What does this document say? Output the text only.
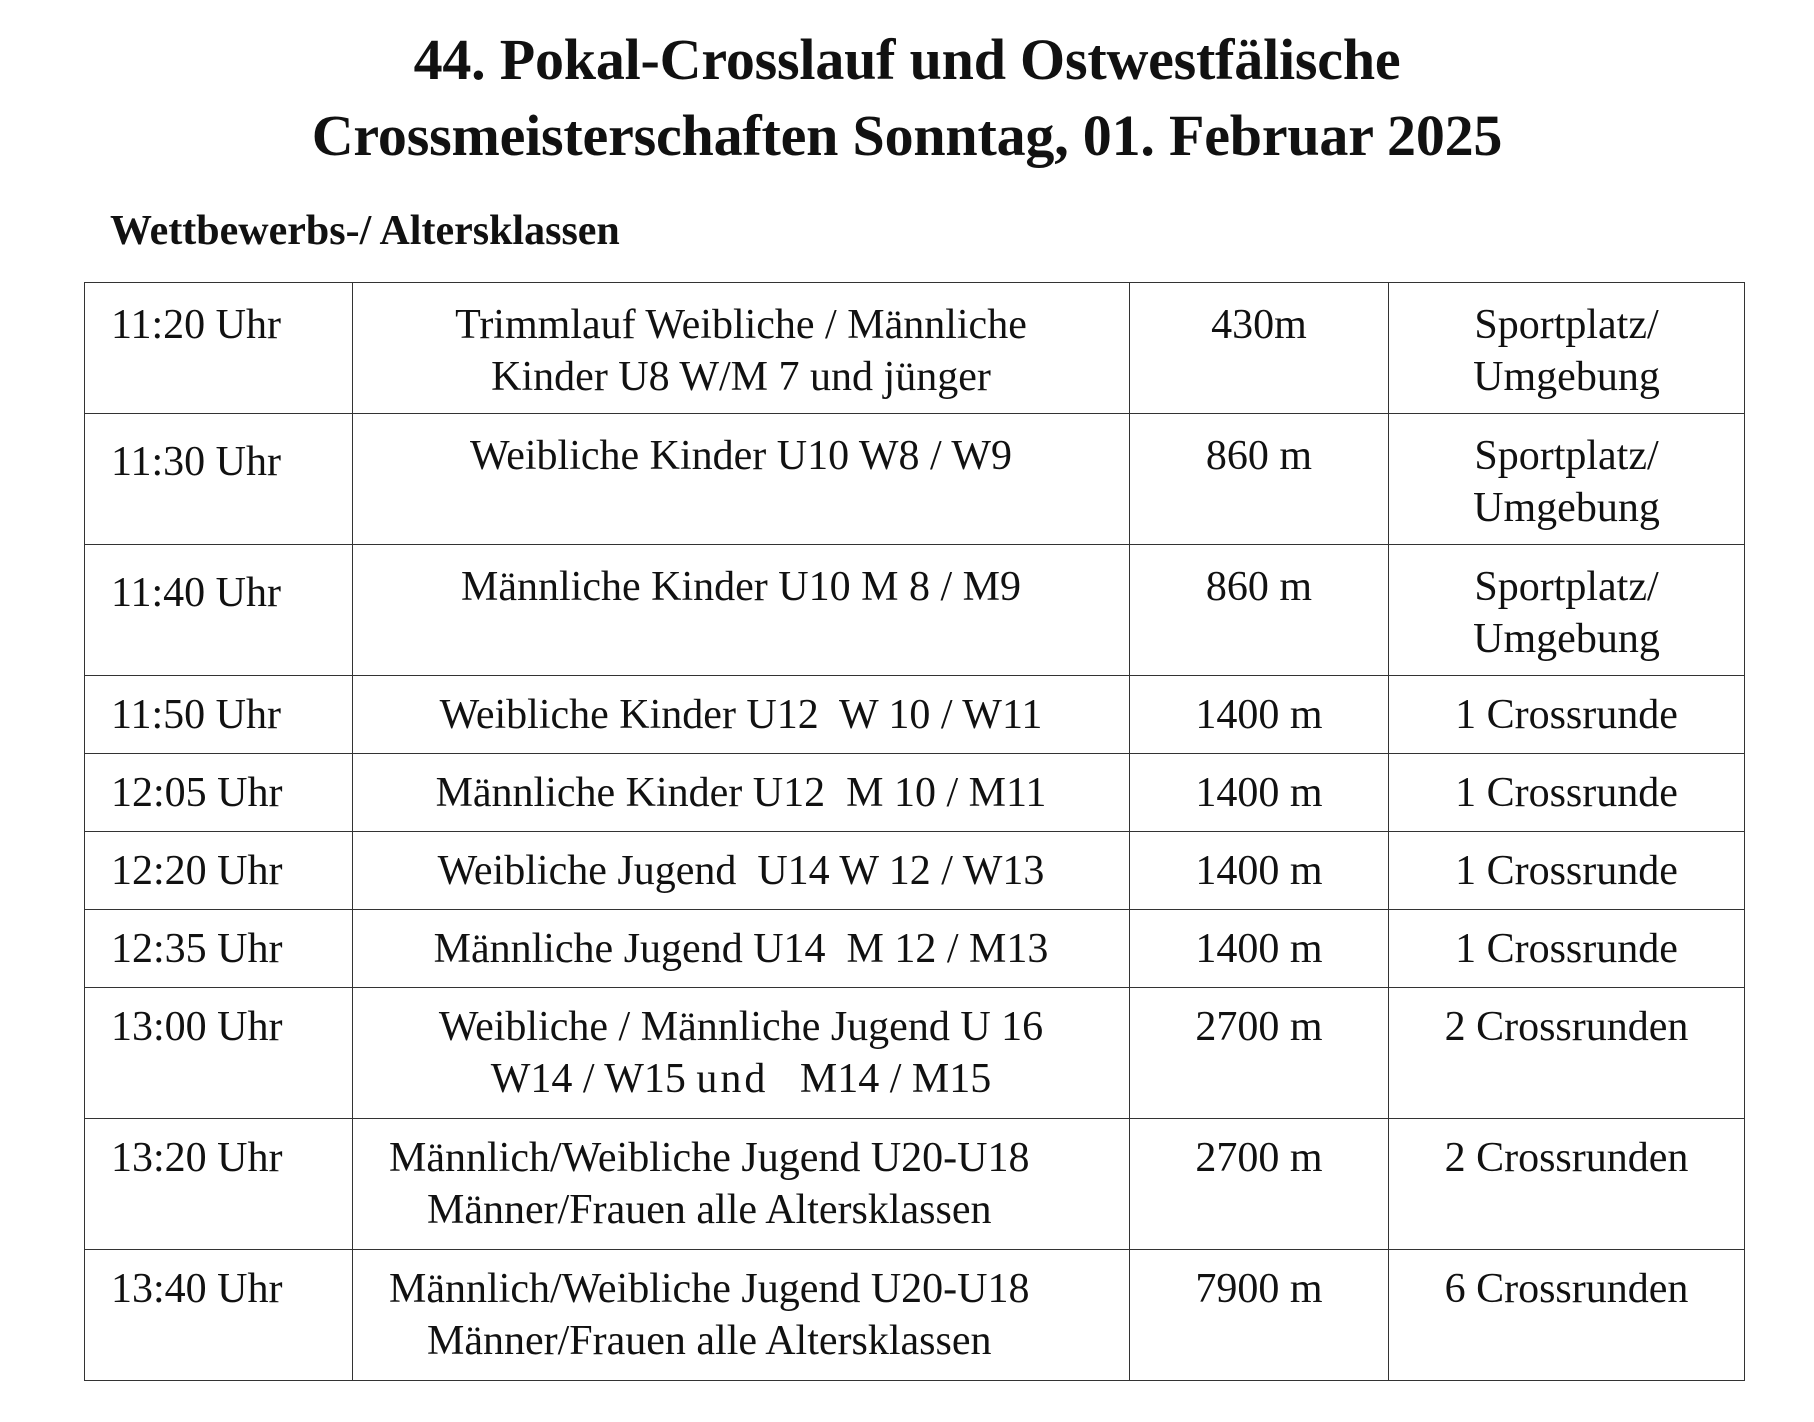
44. Pokal-Crosslauf und Ostwestfälische
Crossmeisterschaften Sonntag, 01. Februar 2025
Wettbewerbs-/ Altersklassen
11:20 Uhr	Trimmlauf Weibliche / Männliche
Kinder U8 W/M 7 und jünger	430m	Sportplatz/
Umgebung

11:30 Uhr	Weibliche Kinder U10 W8 / W9	860 m	Sportplatz/
Umgebung

11:40 Uhr	Männliche Kinder U10 M 8 / M9	860 m	Sportplatz/
Umgebung

11:50 Uhr	Weibliche Kinder U12  W 10 / W11	1400 m	1 Crossrunde

12:05 Uhr	Männliche Kinder U12  M 10 / M11	1400 m	1 Crossrunde

12:20 Uhr	Weibliche Jugend  U14 W 12 / W13	1400 m	1 Crossrunde

12:35 Uhr	Männliche Jugend U14  M 12 / M13	1400 m	1 Crossrunde

13:00 Uhr	Weibliche / Männliche Jugend U 16
W14 / W15 und M14 / M15	2700 m	2 Crossrunden

13:20 Uhr	Männlich/Weibliche Jugend U20-U18
Männer/Frauen alle Altersklassen	2700 m	2 Crossrunden

13:40 Uhr	Männlich/Weibliche Jugend U20-U18
Männer/Frauen alle Altersklassen	7900 m	6 Crossrunden
